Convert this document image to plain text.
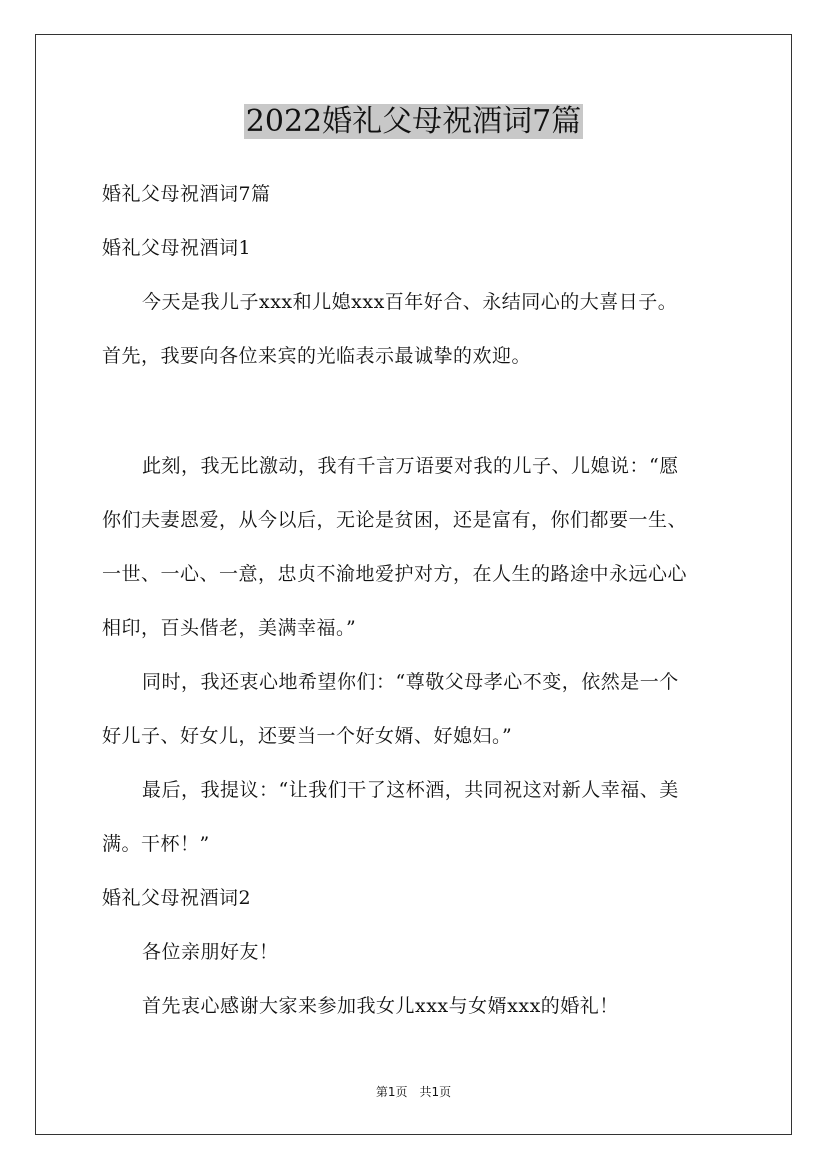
2022婚礼父母祝酒词7篇
婚礼父母祝酒词7篇
婚礼父母祝酒词1
今天是我儿子xxx和儿媳xxx百年好合、永结同心的大喜日子。
首先，我要向各位来宾的光临表示最诚挚的欢迎。
此刻，我无比激动，我有千言万语要对我的儿子、儿媳说：“愿
你们夫妻恩爱，从今以后，无论是贫困，还是富有，你们都要一生、
一世、一心、一意，忠贞不渝地爱护对方，在人生的路途中永远心心
相印，百头偕老，美满幸福。”
同时，我还衷心地希望你们：“尊敬父母孝心不变，依然是一个
好儿子、好女儿，还要当一个好女婿、好媳妇。”
最后，我提议：“让我们干了这杯酒，共同祝这对新人幸福、美
满。干杯！”
婚礼父母祝酒词2
各位亲朋好友！
首先衷心感谢大家来参加我女儿xxx与女婿xxx的婚礼！
第1页 共1页
